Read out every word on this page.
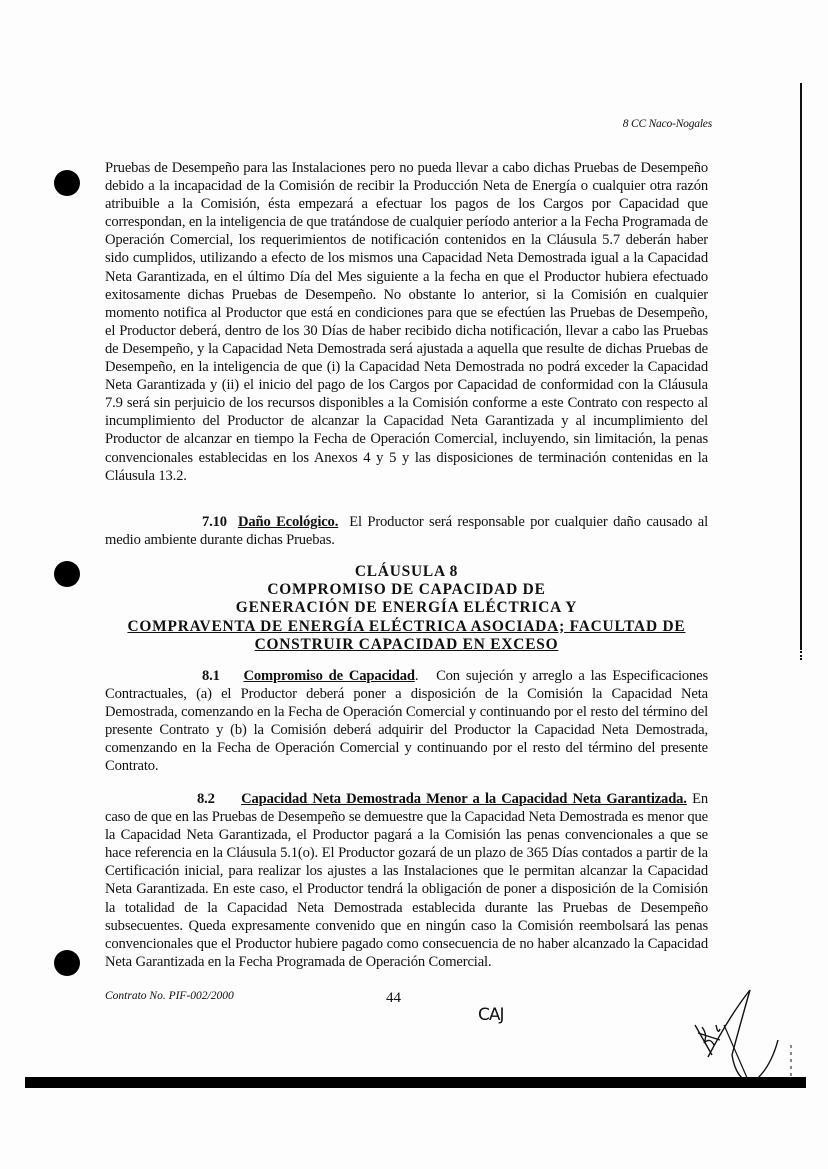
8 CC Naco-Nogales
Pruebas de Desempeño para las Instalaciones pero no pueda llevar a cabo dichas Pruebas de Desempeño debido a la incapacidad de la Comisión de recibir la Producción Neta de Energía o cualquier otra razón atribuible a la Comisión, ésta empezará a efectuar los pagos de los Cargos por Capacidad que correspondan, en la inteligencia de que tratándose de cualquier período anterior a la Fecha Programada de Operación Comercial, los requerimientos de notificación contenidos en la Cláusula 5.7 deberán haber sido cumplidos, utilizando a efecto de los mismos una Capacidad Neta Demostrada igual a la Capacidad Neta Garantizada, en el último Día del Mes siguiente a la fecha en que el Productor hubiera efectuado exitosamente dichas Pruebas de Desempeño. No obstante lo anterior, si la Comisión en cualquier momento notifica al Productor que está en condiciones para que se efectúen las Pruebas de Desempeño, el Productor deberá, dentro de los 30 Días de haber recibido dicha notificación, llevar a cabo las Pruebas de Desempeño, y la Capacidad Neta Demostrada será ajustada a aquella que resulte de dichas Pruebas de Desempeño, en la inteligencia de que (i) la Capacidad Neta Demostrada no podrá exceder la Capacidad Neta Garantizada y (ii) el inicio del pago de los Cargos por Capacidad de conformidad con la Cláusula 7.9 será sin perjuicio de los recursos disponibles a la Comisión conforme a este Contrato con respecto al incumplimiento del Productor de alcanzar la Capacidad Neta Garantizada y al incumplimiento del Productor de alcanzar en tiempo la Fecha de Operación Comercial, incluyendo, sin limitación, la penas convencionales establecidas en los Anexos 4 y 5 y las disposiciones de terminación contenidas en la Cláusula 13.2.
7.10 Daño Ecológico. El Productor será responsable por cualquier daño causado al medio ambiente durante dichas Pruebas.
CLÁUSULA 8
COMPROMISO DE CAPACIDAD DE
GENERACIÓN DE ENERGÍA ELÉCTRICA Y
COMPRAVENTA DE ENERGÍA ELÉCTRICA ASOCIADA; FACULTAD DE
CONSTRUIR CAPACIDAD EN EXCESO
8.1 Compromiso de Capacidad. Con sujeción y arreglo a las Especificaciones Contractuales, (a) el Productor deberá poner a disposición de la Comisión la Capacidad Neta Demostrada, comenzando en la Fecha de Operación Comercial y continuando por el resto del término del presente Contrato y (b) la Comisión deberá adquirir del Productor la Capacidad Neta Demostrada, comenzando en la Fecha de Operación Comercial y continuando por el resto del término del presente Contrato.
8.2 Capacidad Neta Demostrada Menor a la Capacidad Neta Garantizada. En caso de que en las Pruebas de Desempeño se demuestre que la Capacidad Neta Demostrada es menor que la Capacidad Neta Garantizada, el Productor pagará a la Comisión las penas convencionales a que se hace referencia en la Cláusula 5.1(o). El Productor gozará de un plazo de 365 Días contados a partir de la Certificación inicial, para realizar los ajustes a las Instalaciones que le permitan alcanzar la Capacidad Neta Garantizada. En este caso, el Productor tendrá la obligación de poner a disposición de la Comisión la totalidad de la Capacidad Neta Demostrada establecida durante las Pruebas de Desempeño subsecuentes. Queda expresamente convenido que en ningún caso la Comisión reembolsará las penas convencionales que el Productor hubiere pagado como consecuencia de no haber alcanzado la Capacidad Neta Garantizada en la Fecha Programada de Operación Comercial.
Contrato No. PIF-002/2000	44
CAJ
